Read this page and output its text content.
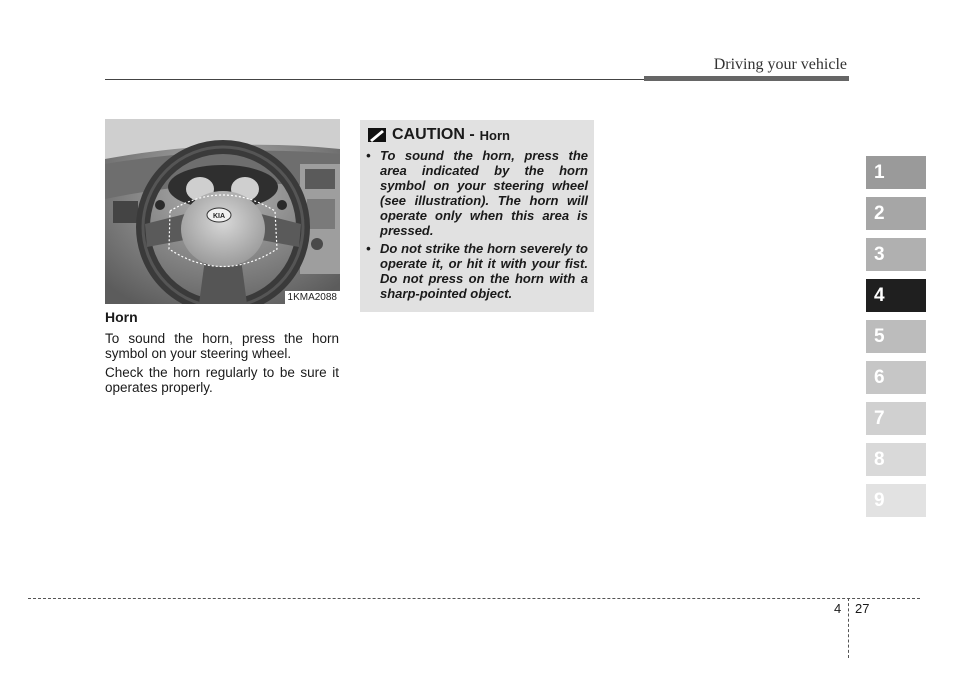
Driving your vehicle
KIA
1KMA2088
Horn
To sound the horn, press the horn symbol on your steering wheel.
Check the horn regularly to be sure it operates properly.
CAUTION - Horn
• To sound the horn, press the area indicated by the horn symbol on your steering wheel (see illustration). The horn will operate only when this area is pressed.
• Do not strike the horn severely to operate it, or hit it with your fist. Do not press on the horn with a sharp-pointed object.
1
2
3
4
5
6
7
8
9
4 27
